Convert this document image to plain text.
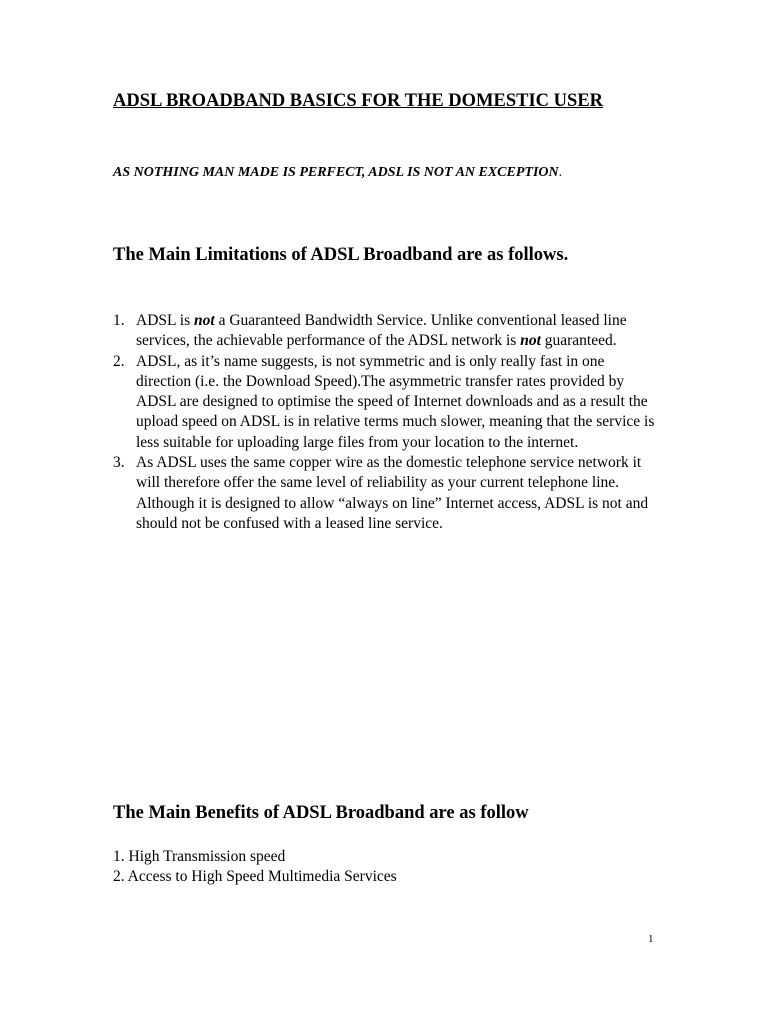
ADSL BROADBAND BASICS FOR THE DOMESTIC USER

AS NOTHING MAN MADE IS PERFECT, ADSL IS NOT AN EXCEPTION.

The Main Limitations of ADSL Broadband are as follows.
1. ADSL is not a Guaranteed Bandwidth Service. Unlike conventional leased line services, the achievable performance of the ADSL network is not guaranteed.
2. ADSL, as it’s name suggests, is not symmetric and is only really fast in one direction (i.e. the Download Speed).The asymmetric transfer rates provided by ADSL are designed to optimise the speed of Internet downloads and as a result the upload speed on ADSL is in relative terms much slower, meaning that the service is less suitable for uploading large files from your location to the internet.
3. As ADSL uses the same copper wire as the domestic telephone service network it will therefore offer the same level of reliability as your current telephone line. Although it is designed to allow “always on line” Internet access, ADSL is not and should not be confused with a leased line service.
The Main Benefits of ADSL Broadband are as follow
1. High Transmission speed
2. Access to High Speed Multimedia Services
1
